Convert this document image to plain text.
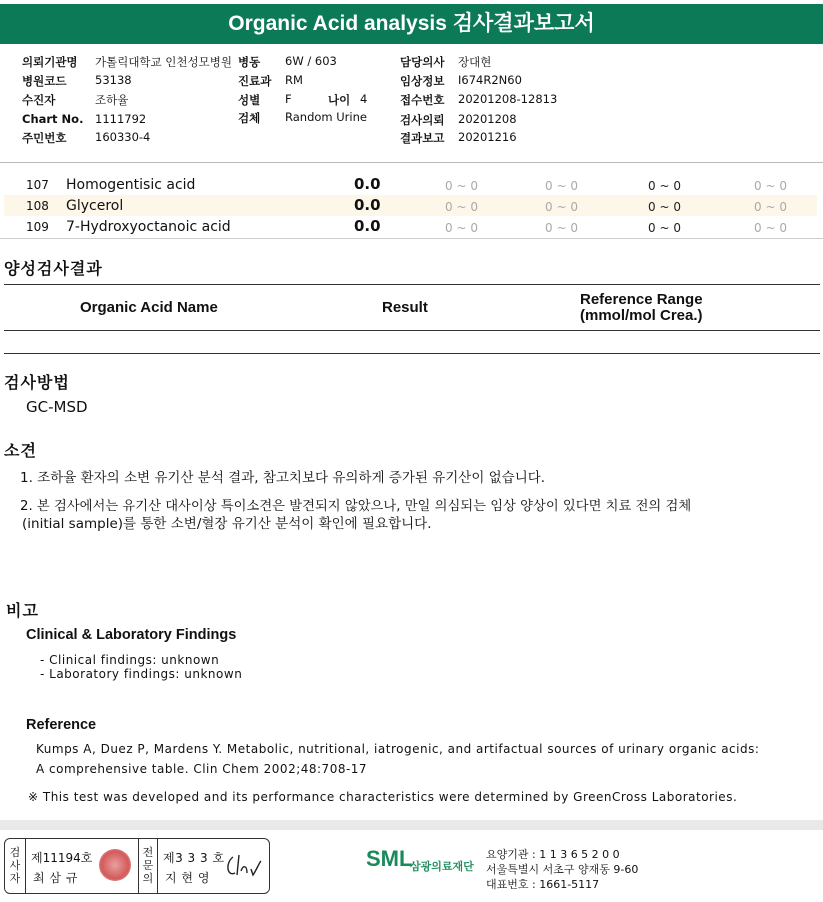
Organic Acid analysis 검사결과보고서
의뢰기관명 가톨릭대학교 인천성모병원
병원코드 53138
수진자	조하율
Chart No. 1111792
주민번호 160330-4
병동 6W / 603
진료과 RM
성별 F	나이 4
검체 Random Urine
담당의사 장대현
임상정보 I674R2N60
접수번호 20201208-12813
검사의뢰 20201208
결과보고 20201216
107 Homogentisic acid	0.0	0 ~ 0	0 ~ 0	0 ~ 0	0 ~ 0
108 Glycerol	0.0	0 ~ 0	0 ~ 0	0 ~ 0	0 ~ 0
109 7-Hydroxyoctanoic acid	0.0	0 ~ 0	0 ~ 0	0 ~ 0	0 ~ 0
양성검사결과
Organic Acid Name	Result	Reference Range
(mmol/mol Crea.)
검사방법
GC-MSD
소견
1. 조하율 환자의 소변 유기산 분석 결과, 참고치보다 유의하게 증가된 유기산이 없습니다.
2. 본 검사에서는 유기산 대사이상 특이소견은 발견되지 않았으나, 만일 의심되는 임상 양상이 있다면 치료 전의 검체
(initial sample)를 통한 소변/혈장 유기산 분석이 확인에 필요합니다.
비고
Clinical & Laboratory Findings
- Clinical findings: unknown
- Laboratory findings: unknown
Reference
Kumps A, Duez P, Mardens Y. Metabolic, nutritional, iatrogenic, and artifactual sources of urinary organic acids:
A comprehensive table. Clin Chem 2002;48:708-17
※ This test was developed and its performance characteristics were determined by GreenCross Laboratories.
검사자
제11194호
최 삼 규
전문의
제3 3 3 호
지 현 영
SML
삼광의료재단
요양기관 : 1 1 3 6 5 2 0 0
서울특별시 서초구 양재동 9-60
대표번호 : 1661-5117
